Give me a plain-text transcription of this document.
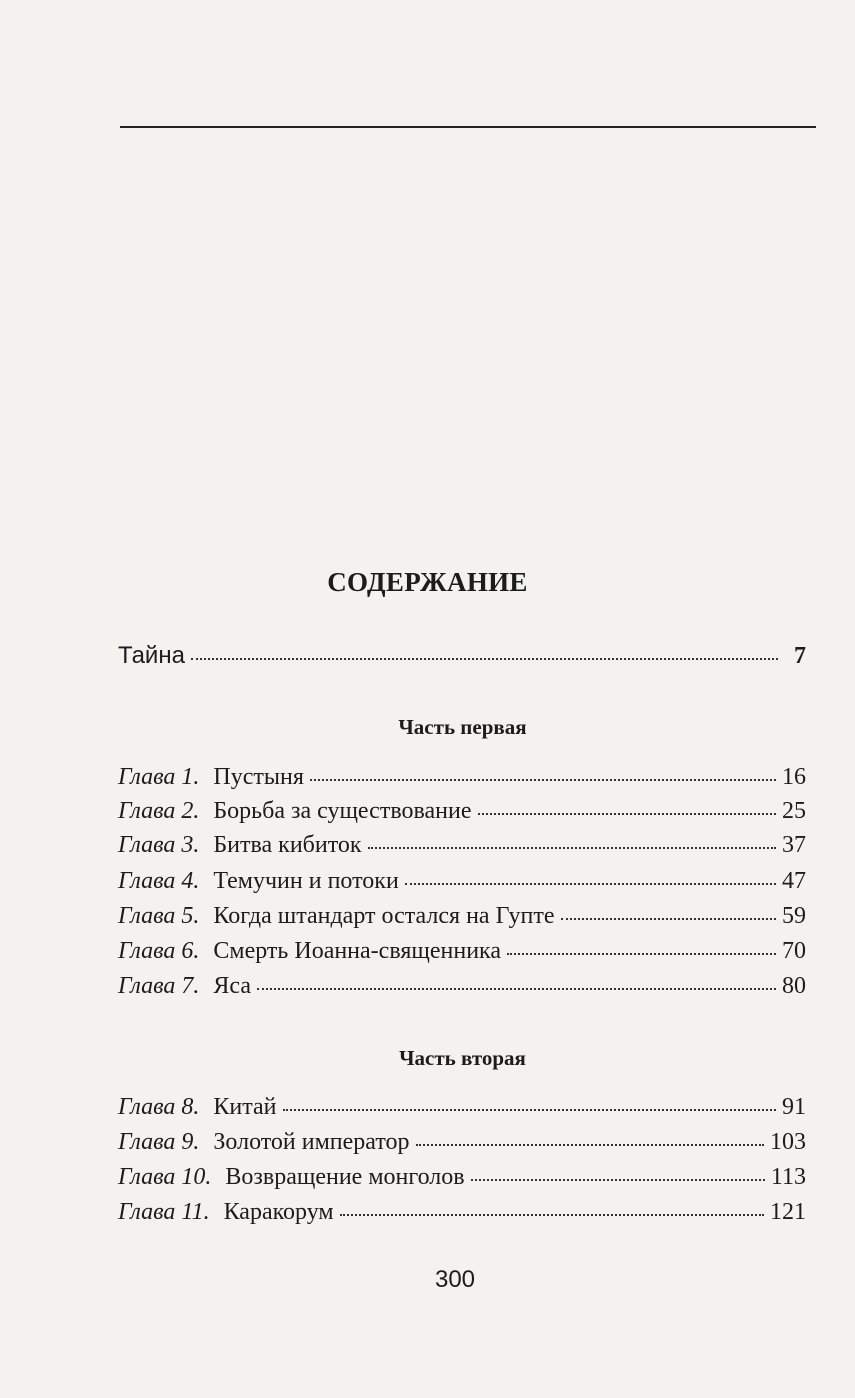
СОДЕРЖАНИЕ
Тайна	7
Часть первая
Глава 1. Пустыня	16
Глава 2. Борьба за существование	25
Глава 3. Битва кибиток	37
Глава 4. Темучин и потоки	47
Глава 5. Когда штандарт остался на Гупте	59
Глава 6. Смерть Иоанна-священника	70
Глава 7. Яса	80
Часть вторая
Глава 8. Китай	91
Глава 9. Золотой император	103
Глава 10. Возвращение монголов	113
Глава 11. Каракорум	121
300
